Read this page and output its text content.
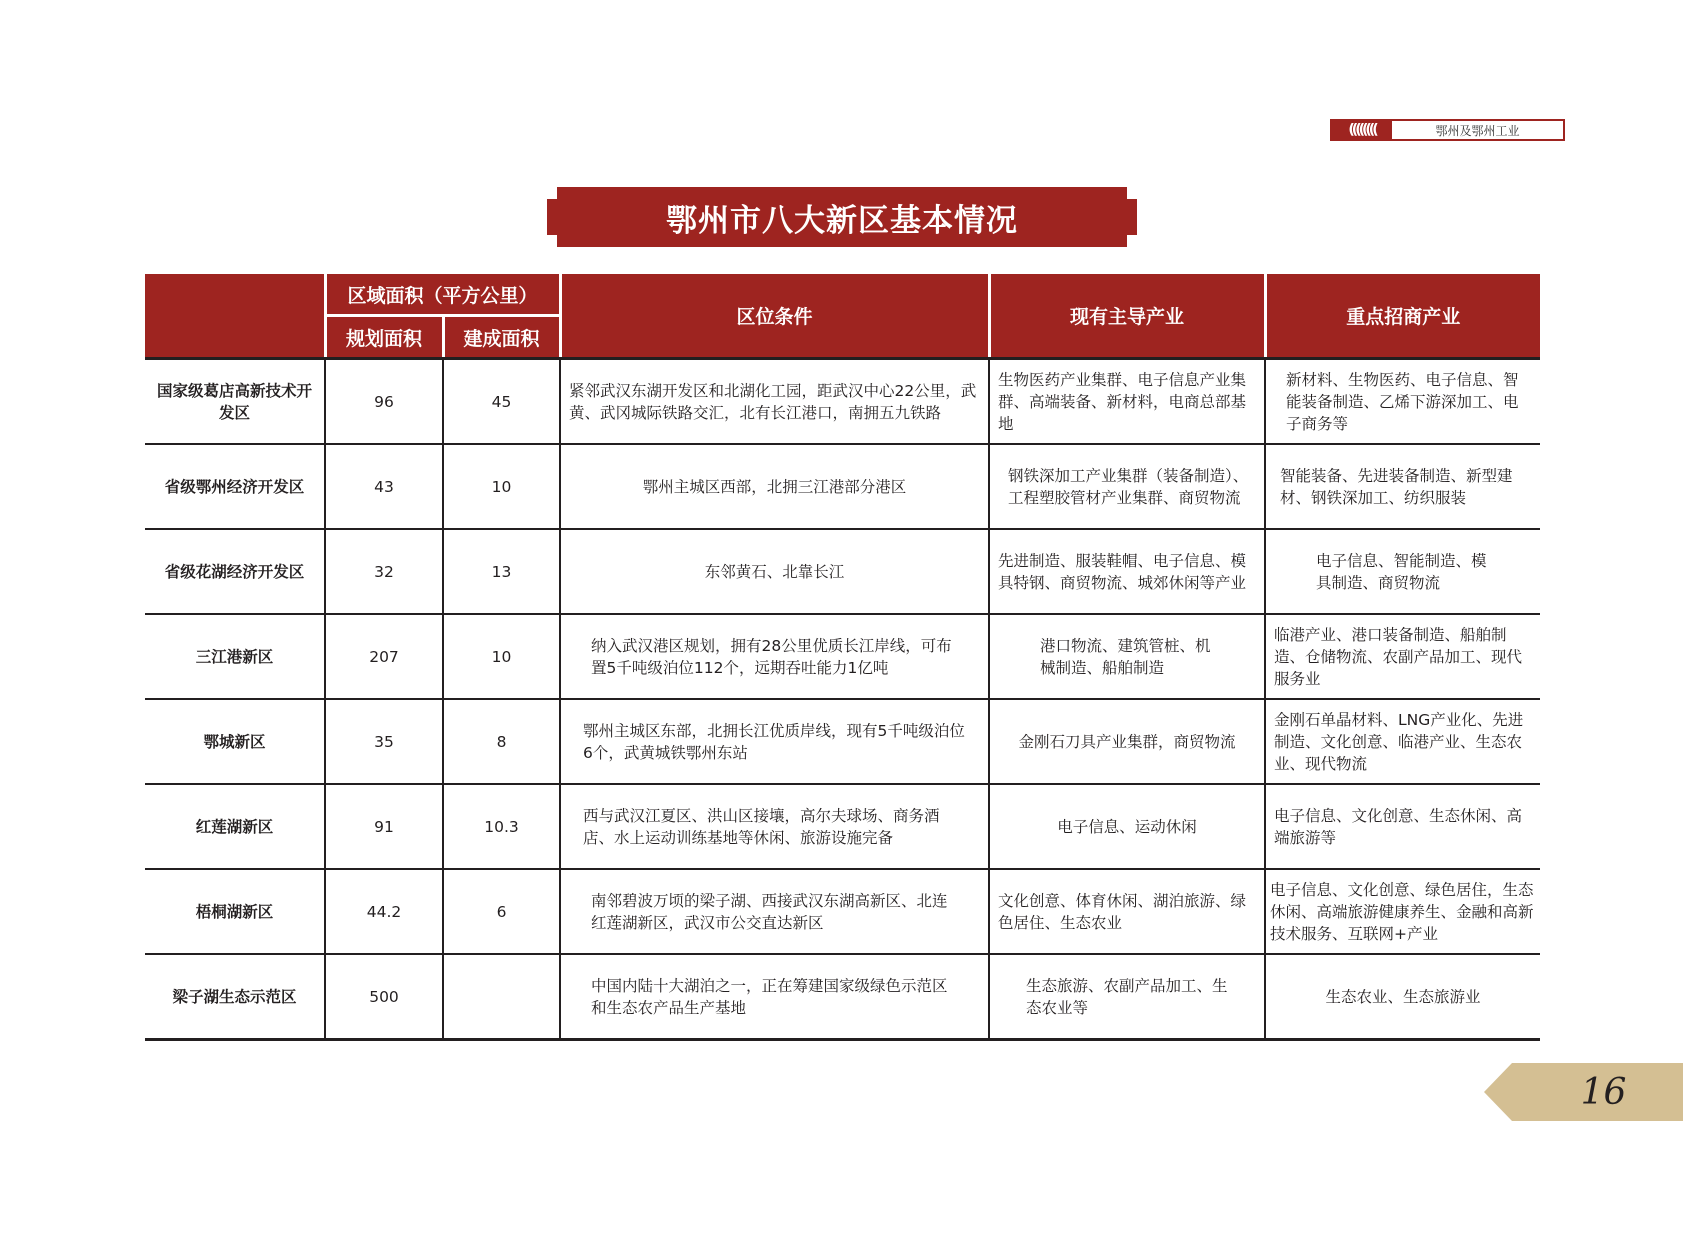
((((((((	鄂州及鄂州工业
鄂州市八大新区基本情况
	区域面积（平方公里）		区位条件	现有主导产业	重点招商产业
	规划面积	建成面积			
国家级葛店高新技术开发区	96	45	紧邻武汉东湖开发区和北湖化工园，距武汉中心22公里，武黄、武冈城际铁路交汇，北有长江港口，南拥五九铁路	生物医药产业集群、电子信息产业集群、高端装备、新材料，电商总部基地	新材料、生物医药、电子信息、智能装备制造、乙烯下游深加工、电子商务等
省级鄂州经济开发区	43	10	鄂州主城区西部，北拥三江港部分港区	钢铁深加工产业集群（装备制造）、工程塑胶管材产业集群、商贸物流	智能装备、先进装备制造、新型建材、钢铁深加工、纺织服装
省级花湖经济开发区	32	13	东邻黄石、北靠长江	先进制造、服装鞋帽、电子信息、模具特钢、商贸物流、城郊休闲等产业	电子信息、智能制造、模具制造、商贸物流
三江港新区	207	10	纳入武汉港区规划，拥有28公里优质长江岸线，可布置5千吨级泊位112个，远期吞吐能力1亿吨	港口物流、建筑管桩、机械制造、船舶制造	临港产业、港口装备制造、船舶制造、仓储物流、农副产品加工、现代服务业
鄂城新区	35	8	鄂州主城区东部，北拥长江优质岸线，现有5千吨级泊位6个，武黄城铁鄂州东站	金刚石刀具产业集群，商贸物流	金刚石单晶材料、LNG产业化、先进制造、文化创意、临港产业、生态农业、现代物流
红莲湖新区	91	10.3	西与武汉江夏区、洪山区接壤，高尔夫球场、商务酒店、水上运动训练基地等休闲、旅游设施完备	电子信息、运动休闲	电子信息、文化创意、生态休闲、高端旅游等
梧桐湖新区	44.2	6	南邻碧波万顷的梁子湖、西接武汉东湖高新区、北连红莲湖新区，武汉市公交直达新区	文化创意、体育休闲、湖泊旅游、绿色居住、生态农业	电子信息、文化创意、绿色居住，生态休闲、高端旅游健康养生、金融和高新技术服务、互联网+产业
梁子湖生态示范区	500		中国内陆十大湖泊之一，正在筹建国家级绿色示范区和生态农产品生产基地	生态旅游、农副产品加工、生态农业等	生态农业、生态旅游业
16
